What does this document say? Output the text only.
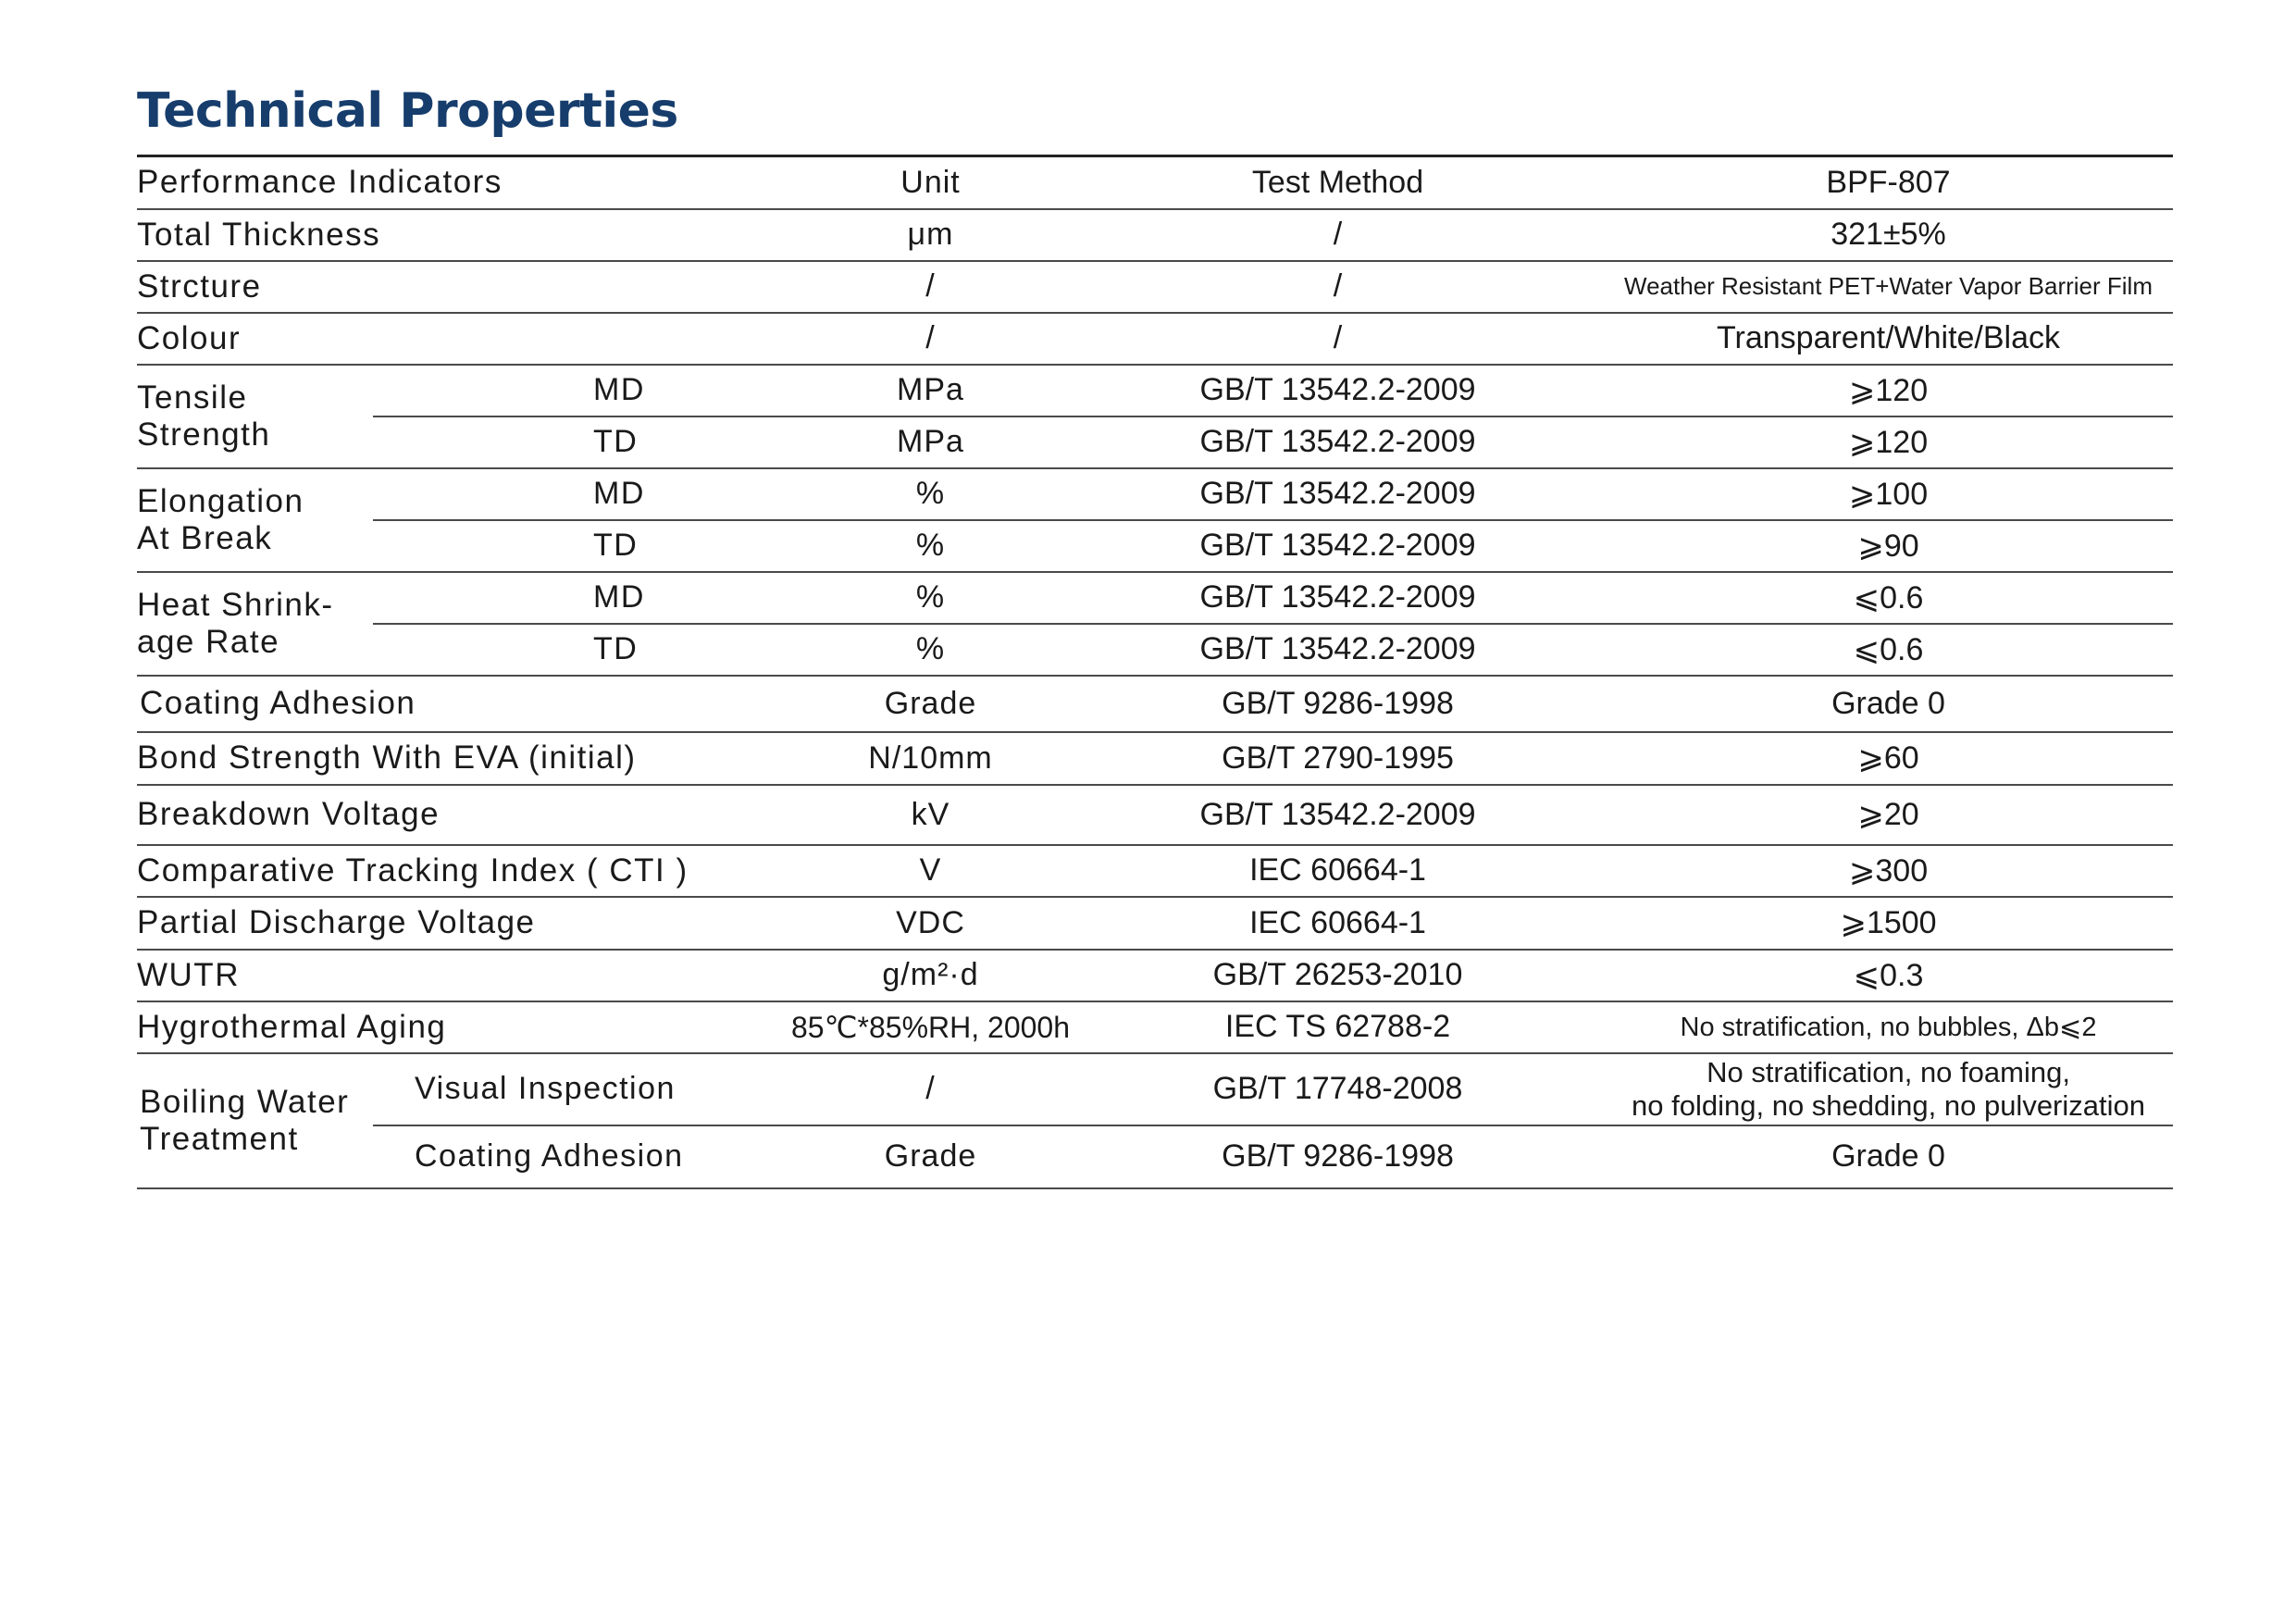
Technical Properties
Performance Indicators		Unit	Test Method	BPF-807
Total Thickness		μm	/	321±5%
Strcture		/	/	Weather Resistant PET+Water Vapor Barrier Film
Colour		/	/	Transparent/White/Black

Tensile
Strength	MD	MPa	GB/T 13542.2-2009	⩾120
	TD	MPa	GB/T 13542.2-2009	⩾120

Elongation
At Break	MD	%	GB/T 13542.2-2009	⩾100
	TD	%	GB/T 13542.2-2009	⩾90

Heat Shrink-
age Rate	MD	%	GB/T 13542.2-2009	⩽0.6
	TD	%	GB/T 13542.2-2009	⩽0.6
Coating Adhesion		Grade	GB/T 9286-1998	Grade 0
Bond Strength With EVA (initial)		N/10mm	GB/T 2790-1995	⩾60
Breakdown Voltage		kV	GB/T 13542.2-2009	⩾20
Comparative Tracking Index ( CTI )		V	IEC 60664-1	⩾300
Partial Discharge Voltage		VDC	IEC 60664-1	⩾1500
WUTR		g/m²·d	GB/T 26253-2010	⩽0.3
Hygrothermal Aging		85℃*85%RH, 2000h	IEC TS 62788-2	No stratification, no bubbles, Δb⩽2

Boiling Water
Treatment	Visual Inspection	/	GB/T 17748-2008	No stratification, no foaming,
no folding, no shedding, no pulverization

	Coating Adhesion	Grade	GB/T 9286-1998	Grade 0
